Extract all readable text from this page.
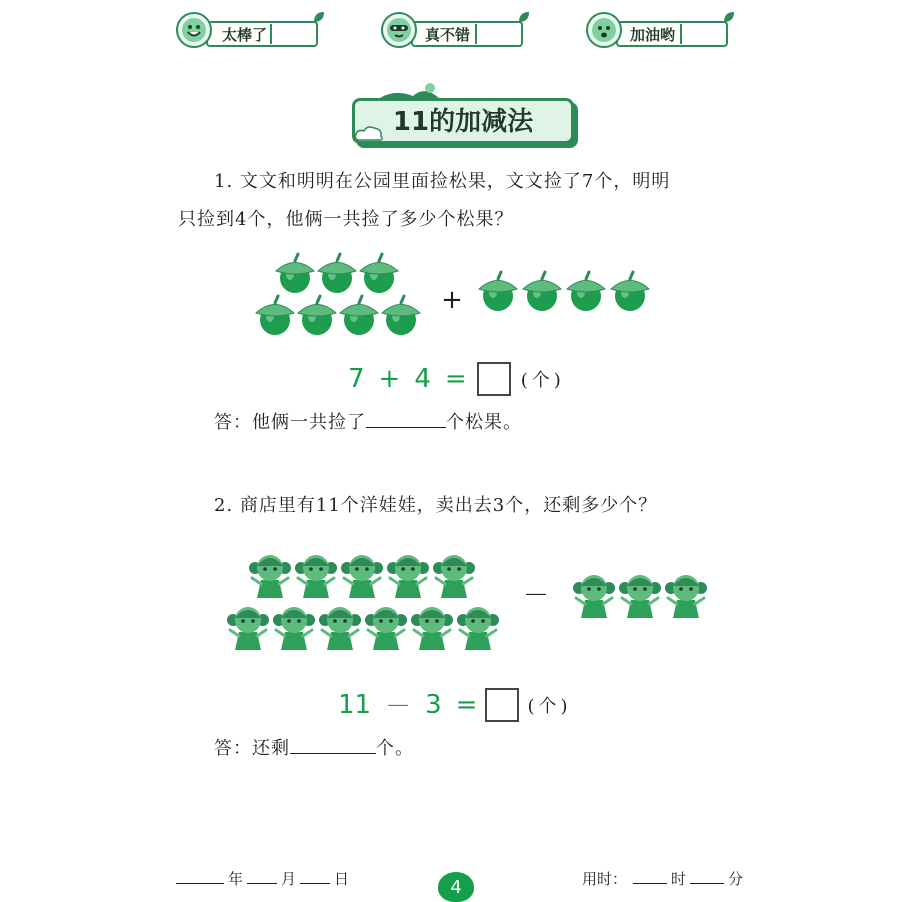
太棒了	真不错	加油哟
11的加减法
1. 文文和明明在公园里面捡松果，文文捡了7个，明明
只捡到4个，他俩一共捡了多少个松果？
+
7 + 4 =	(个)
答：他俩一共捡了	个松果。
2. 商店里有11个洋娃娃，卖出去3个，还剩多少个？
－
11 － 3 =	(个)
答：还剩	个。
年	月	日	4	用时：	时	分
